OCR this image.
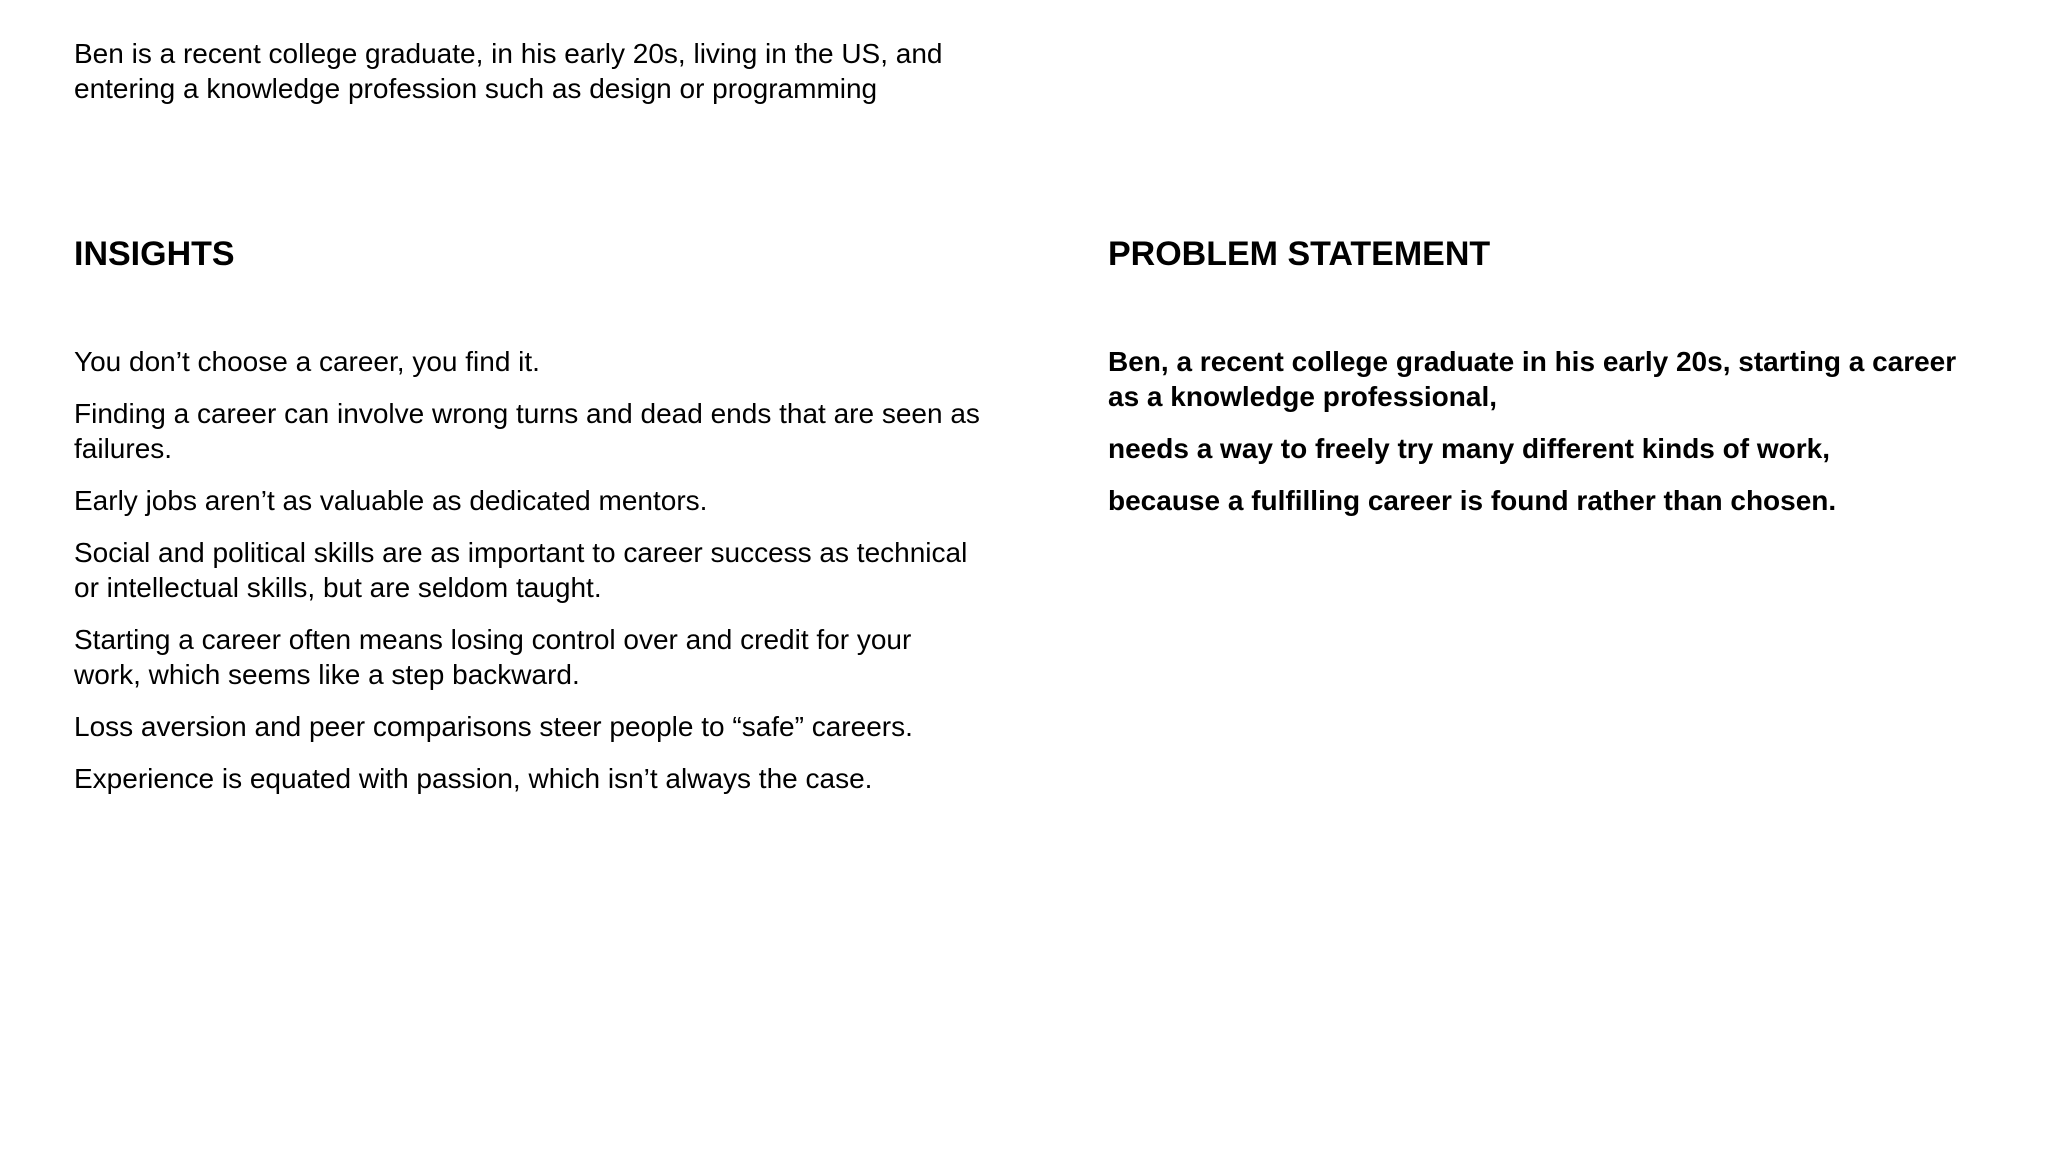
Ben is a recent college graduate, in his early 20s, living in the US, and entering a knowledge profession such as design or programming

INSIGHTS	PROBLEM STATEMENT
You don’t choose a career, you find it.
Finding a career can involve wrong turns and dead ends that are seen as failures.
Early jobs aren’t as valuable as dedicated mentors.
Social and political skills are as important to career success as technical or intellectual skills, but are seldom taught.
Starting a career often means losing control over and credit for your work, which seems like a step backward.
Loss aversion and peer comparisons steer people to “safe” careers.
Experience is equated with passion, which isn’t always the case.
Ben, a recent college graduate in his early 20s, starting a career as a knowledge professional,
needs a way to freely try many different kinds of work,
because a fulfilling career is found rather than chosen.
